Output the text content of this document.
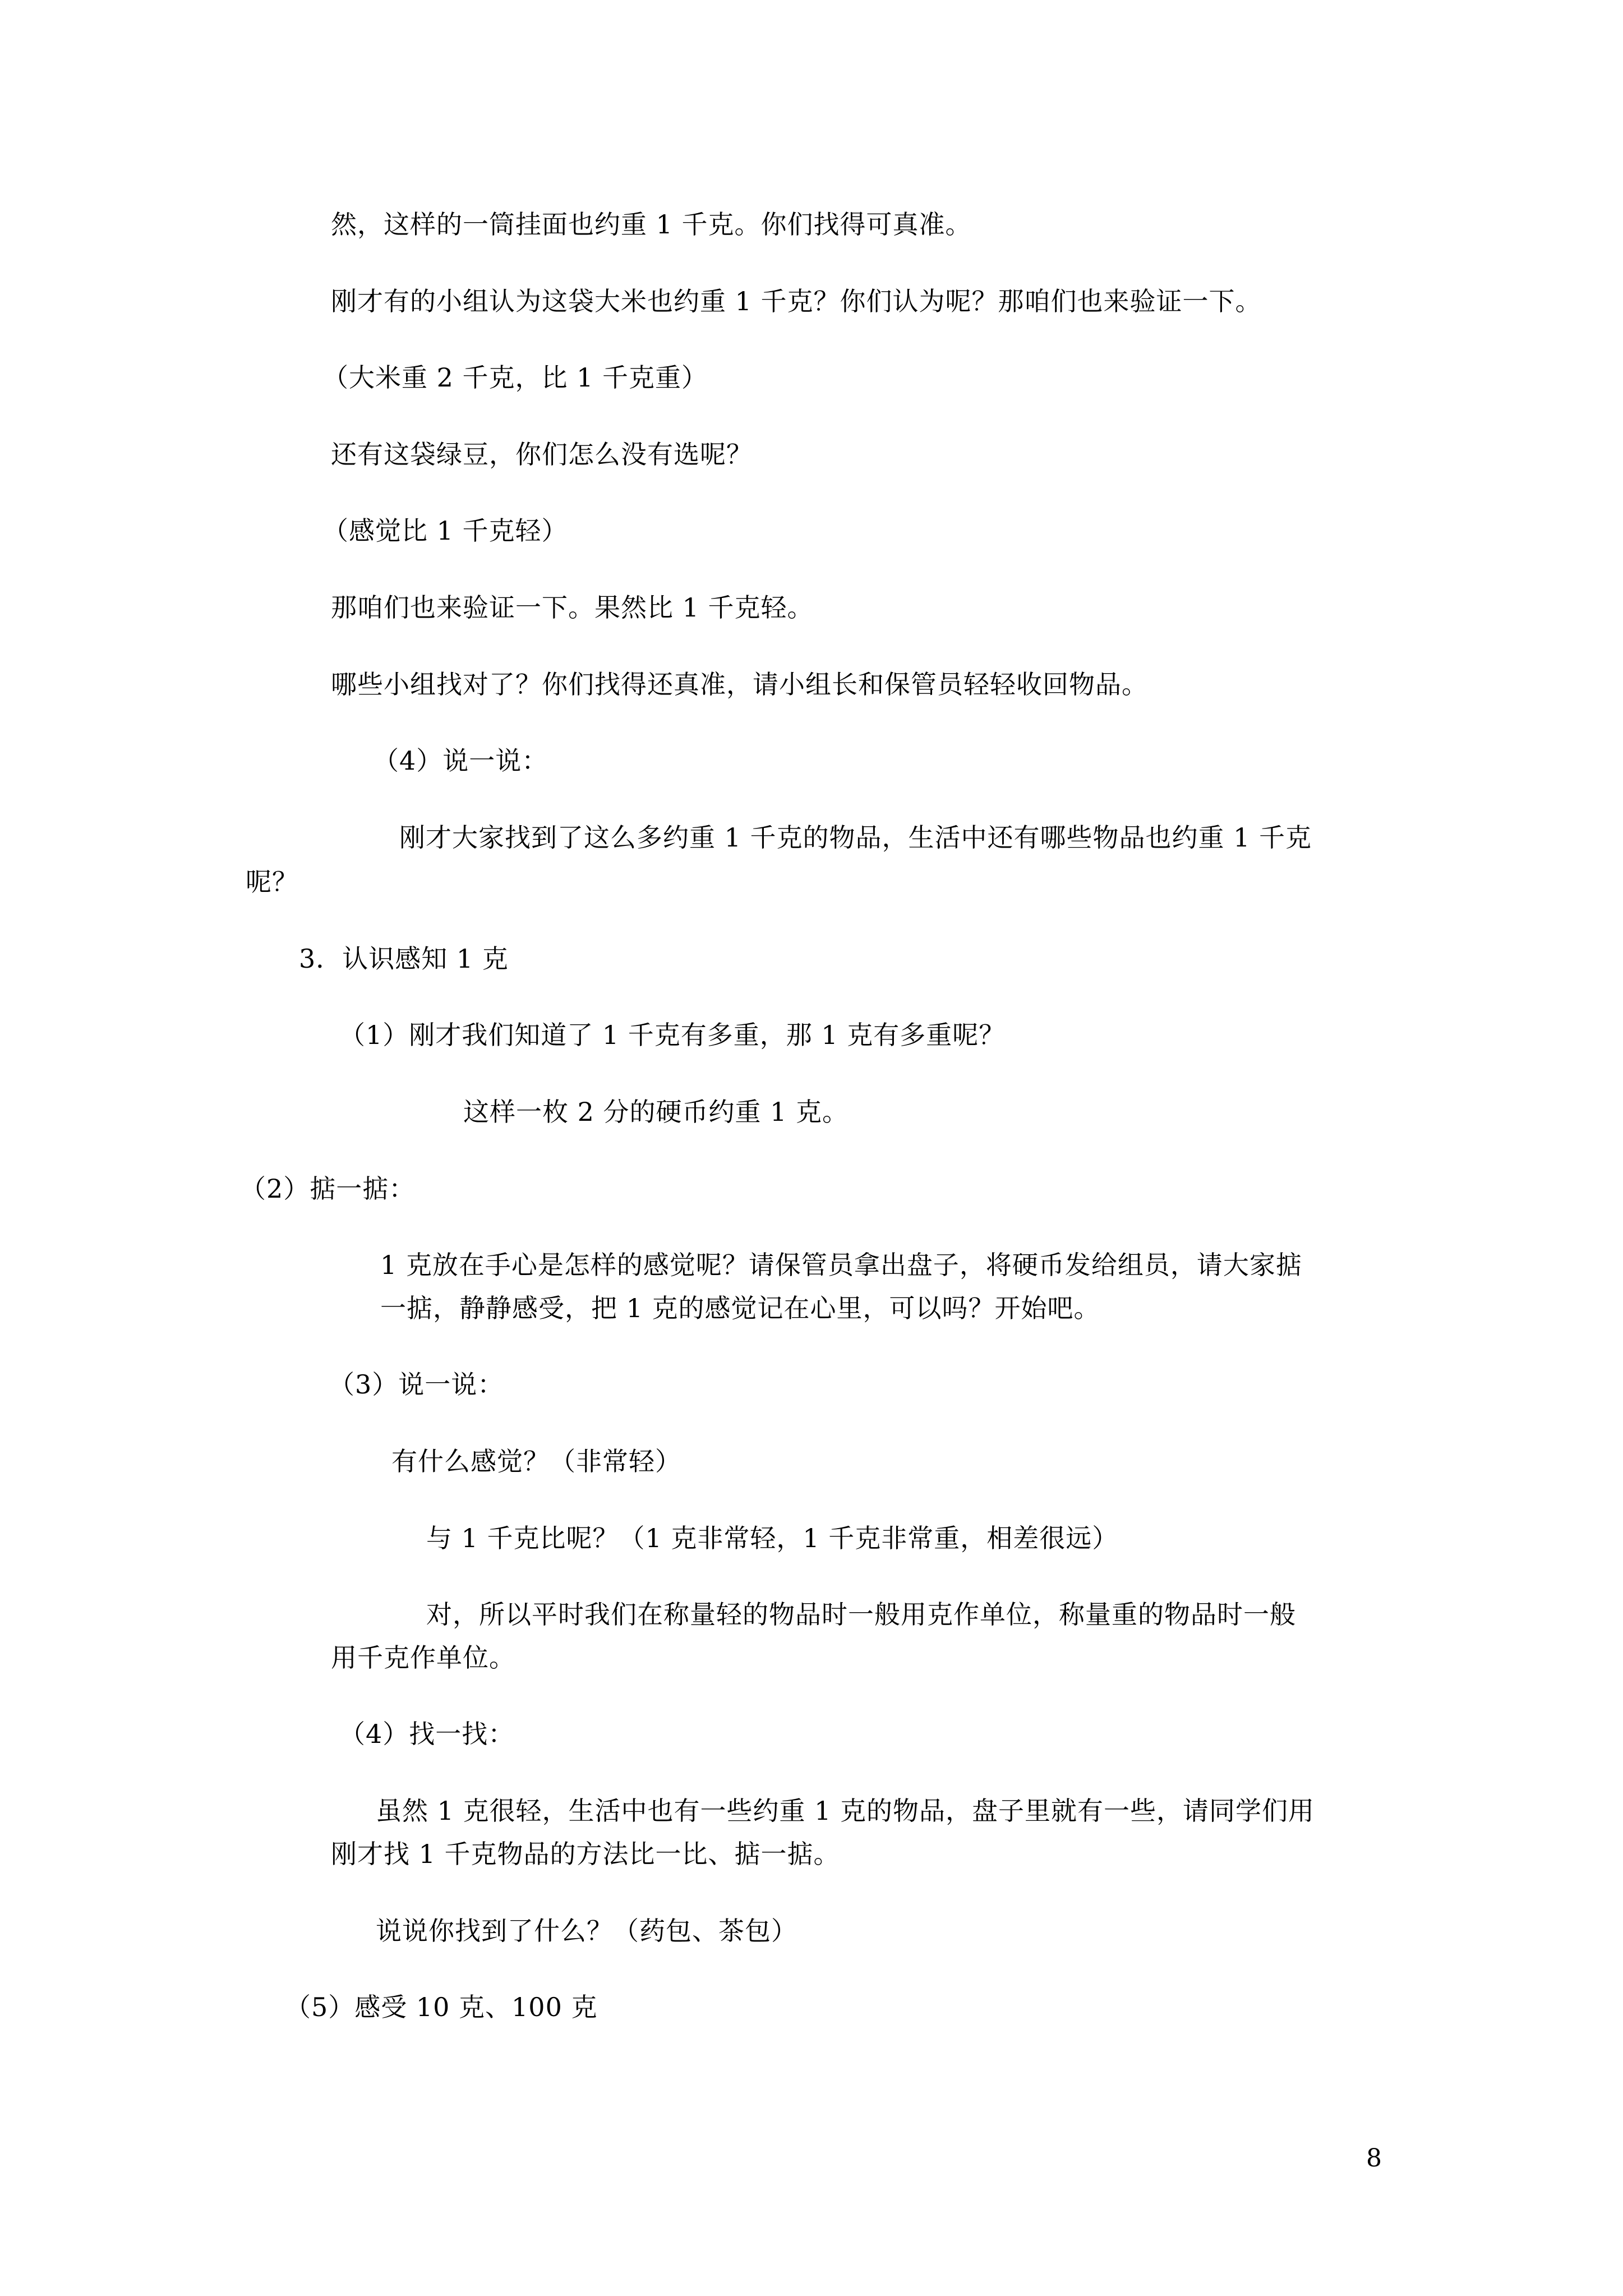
然，这样的一筒挂面也约重 1 千克。你们找得可真准。
刚才有的小组认为这袋大米也约重 1 千克？你们认为呢？那咱们也来验证一下。
（大米重 2 千克，比 1 千克重）
还有这袋绿豆，你们怎么没有选呢？
（感觉比 1 千克轻）
那咱们也来验证一下。果然比 1 千克轻。
哪些小组找对了？你们找得还真准，请小组长和保管员轻轻收回物品。
（4）说一说：
刚才大家找到了这么多约重 1 千克的物品，生活中还有哪些物品也约重 1 千克
呢？
3．认识感知 1 克
（1）刚才我们知道了 1 千克有多重，那 1 克有多重呢？
这样一枚 2 分的硬币约重 1 克。
（2）掂一掂：
1 克放在手心是怎样的感觉呢？请保管员拿出盘子，将硬币发给组员，请大家掂
一掂，静静感受，把 1 克的感觉记在心里，可以吗？开始吧。
（3）说一说：
有什么感觉？（非常轻）
与 1 千克比呢？（1 克非常轻，1 千克非常重，相差很远）
对，所以平时我们在称量轻的物品时一般用克作单位，称量重的物品时一般
用千克作单位。
（4）找一找：
虽然 1 克很轻，生活中也有一些约重 1 克的物品，盘子里就有一些，请同学们用
刚才找 1 千克物品的方法比一比、掂一掂。
说说你找到了什么？（药包、茶包）
（5）感受 10 克、100 克
8
